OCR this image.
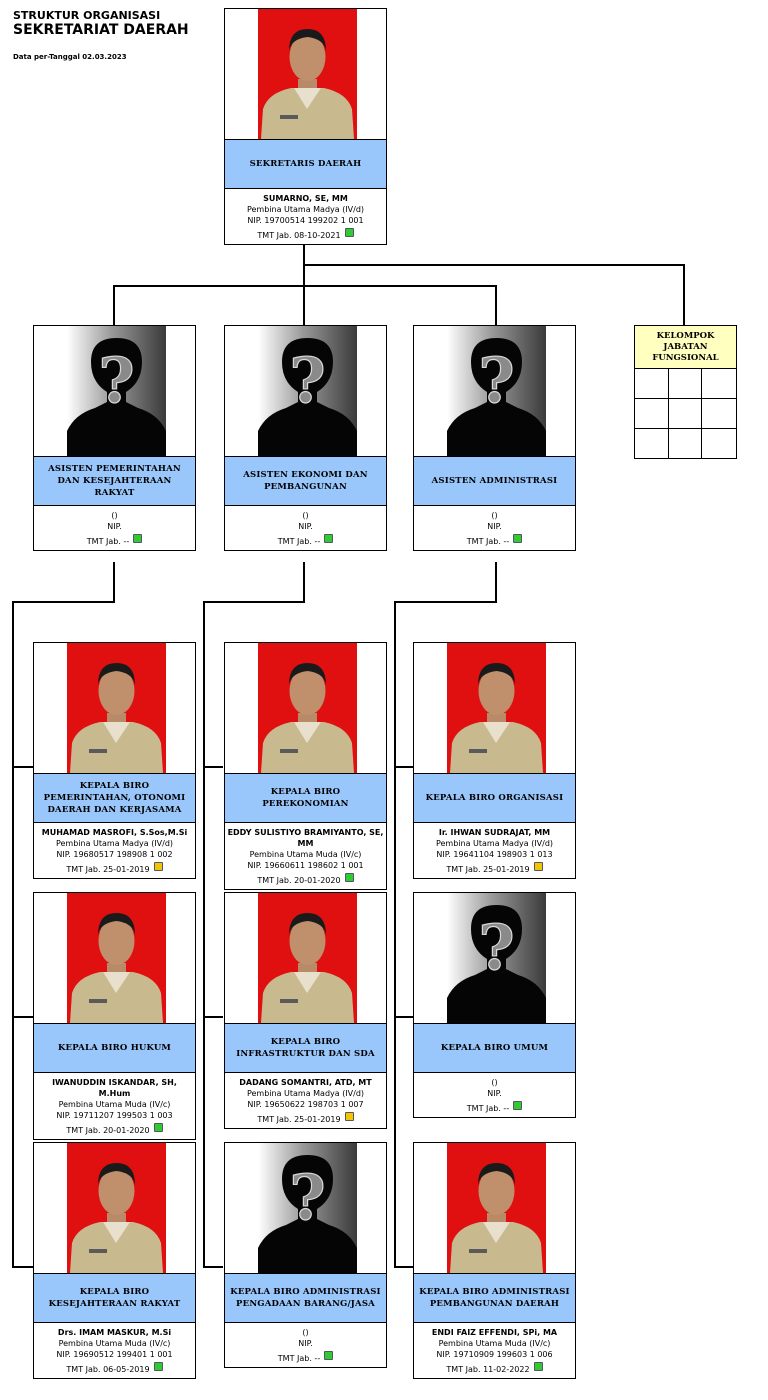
STRUKTUR ORGANISASI
SEKRETARIAT DAERAH
Data per-Tanggal 02.03.2023
SEKRETARIS DAERAH
SUMARNO, SE, MM
Pembina Utama Madya (IV/d)
NIP. 19700514 199202 1 001
TMT Jab. 08-10-2021
?
ASISTEN PEMERINTAHAN DAN KESEJAHTERAAN RAKYAT
()
NIP.
TMT Jab. --
?
ASISTEN EKONOMI DAN PEMBANGUNAN
()
NIP.
TMT Jab. --
?
ASISTEN ADMINISTRASI
()
NIP.
TMT Jab. --
KEPALA BIRO PEMERINTAHAN, OTONOMI DAERAH DAN KERJASAMA
MUHAMAD MASROFI, S.Sos,M.Si
Pembina Utama Madya (IV/d)
NIP. 19680517 198908 1 002
TMT Jab. 25-01-2019
KEPALA BIRO PEREKONOMIAN
EDDY SULISTIYO BRAMIYANTO, SE, MM
Pembina Utama Muda (IV/c)
NIP. 19660611 198602 1 001
TMT Jab. 20-01-2020
KEPALA BIRO ORGANISASI
Ir. IHWAN SUDRAJAT, MM
Pembina Utama Madya (IV/d)
NIP. 19641104 198903 1 013
TMT Jab. 25-01-2019
KEPALA BIRO HUKUM
IWANUDDIN ISKANDAR, SH, M.Hum
Pembina Utama Muda (IV/c)
NIP. 19711207 199503 1 003
TMT Jab. 20-01-2020
KEPALA BIRO INFRASTRUKTUR DAN SDA
DADANG SOMANTRI, ATD, MT
Pembina Utama Madya (IV/d)
NIP. 19650622 198703 1 007
TMT Jab. 25-01-2019
?
KEPALA BIRO UMUM
()
NIP.
TMT Jab. --
KEPALA BIRO KESEJAHTERAAN RAKYAT
Drs. IMAM MASKUR, M.Si
Pembina Utama Muda (IV/c)
NIP. 19690512 199401 1 001
TMT Jab. 06-05-2019
?
KEPALA BIRO ADMINISTRASI PENGADAAN BARANG/JASA
()
NIP.
TMT Jab. --
KEPALA BIRO ADMINISTRASI PEMBANGUNAN DAERAH
ENDI FAIZ EFFENDI, SPi, MA
Pembina Utama Muda (IV/c)
NIP. 19710909 199603 1 006
TMT Jab. 11-02-2022
KELOMPOK JABATAN FUNGSIONAL
